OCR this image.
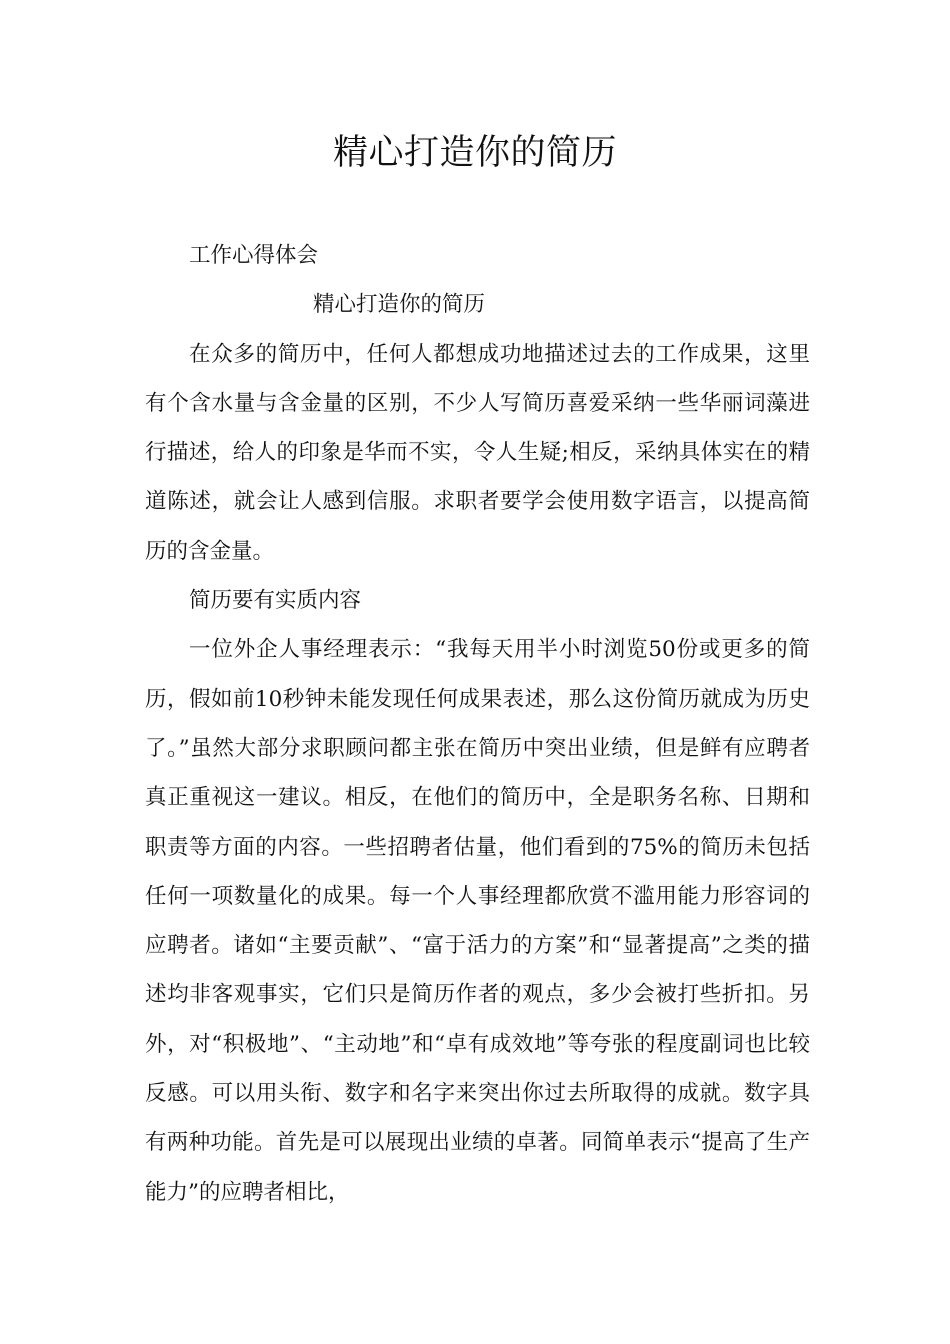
精心打造你的简历

工作心得体会

精心打造你的简历

在众多的简历中，任何人都想成功地描述过去的工作成果，这里有个含水量与含金量的区别，不少人写简历喜爱采纳一些华丽词藻进行描述，给人的印象是华而不实，令人生疑;相反，采纳具体实在的精道陈述，就会让人感到信服。求职者要学会使用数字语言，以提高简历的含金量。

简历要有实质内容

一位外企人事经理表示：“我每天用半小时浏览50份或更多的简历，假如前10秒钟未能发现任何成果表述，那么这份简历就成为历史了。”虽然大部分求职顾问都主张在简历中突出业绩，但是鲜有应聘者真正重视这一建议。相反，在他们的简历中，全是职务名称、日期和职责等方面的内容。一些招聘者估量，他们看到的75%的简历未包括任何一项数量化的成果。每一个人事经理都欣赏不滥用能力形容词的应聘者。诸如“主要贡献”、“富于活力的方案”和“显著提高”之类的描述均非客观事实，它们只是简历作者的观点，多少会被打些折扣。另外，对“积极地”、“主动地”和“卓有成效地”等夸张的程度副词也比较反感。可以用头衔、数字和名字来突出你过去所取得的成就。数字具有两种功能。首先是可以展现出业绩的卓著。同简单表示“提高了生产能力”的应聘者相比，
